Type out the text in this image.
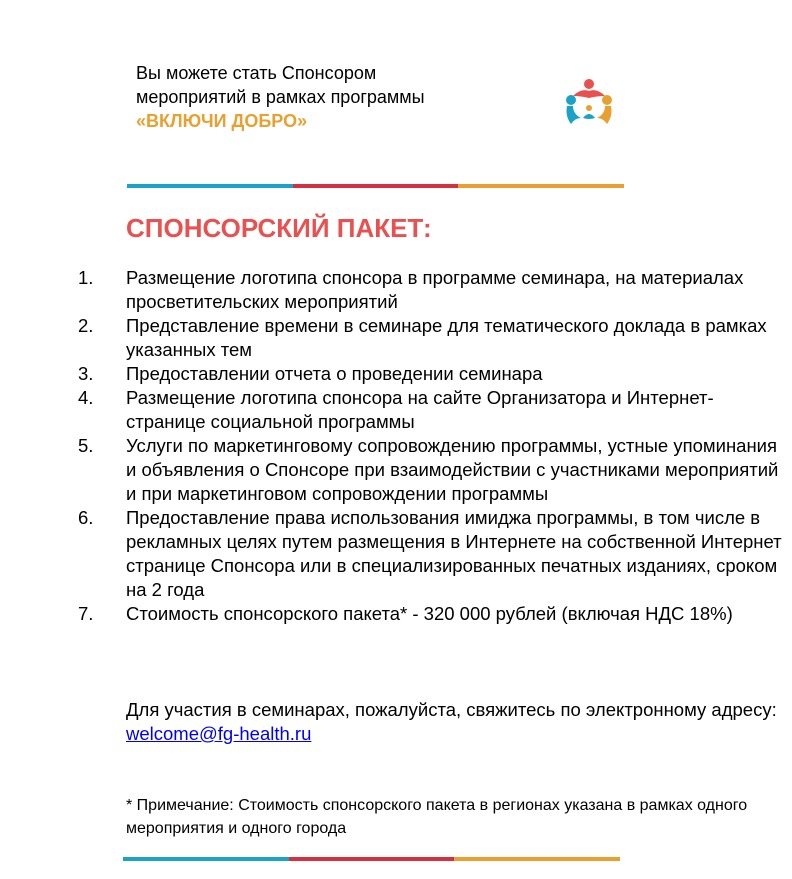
Вы можете стать Спонсором
мероприятий в рамках программы
«ВКЛЮЧИ ДОБРО»
СПОНСОРСКИЙ ПАКЕТ:
1. Размещение логотипа спонсора в программе семинара, на материалах просветительских мероприятий
2. Представление времени в семинаре для тематического доклада в рамках указанных тем
3. Предоставлении отчета о проведении семинара
4. Размещение логотипа спонсора на сайте Организатора и Интернет-странице социальной программы
5. Услуги по маркетинговому сопровождению программы, устные упоминания и объявления о Спонсоре при взаимодействии с участниками мероприятий и при маркетинговом сопровождении программы
6. Предоставление права использования имиджа программы, в том числе в рекламных целях путем размещения в Интернете на собственной Интернет странице Спонсора или в специализированных печатных изданиях, сроком на 2 года
7. Стоимость спонсорского пакета* - 320 000 рублей (включая НДС 18%)
Для участия в семинарах, пожалуйста, свяжитесь по электронному адресу:
welcome@fg-health.ru
* Примечание: Стоимость спонсорского пакета в регионах указана в рамках одного мероприятия и одного города
